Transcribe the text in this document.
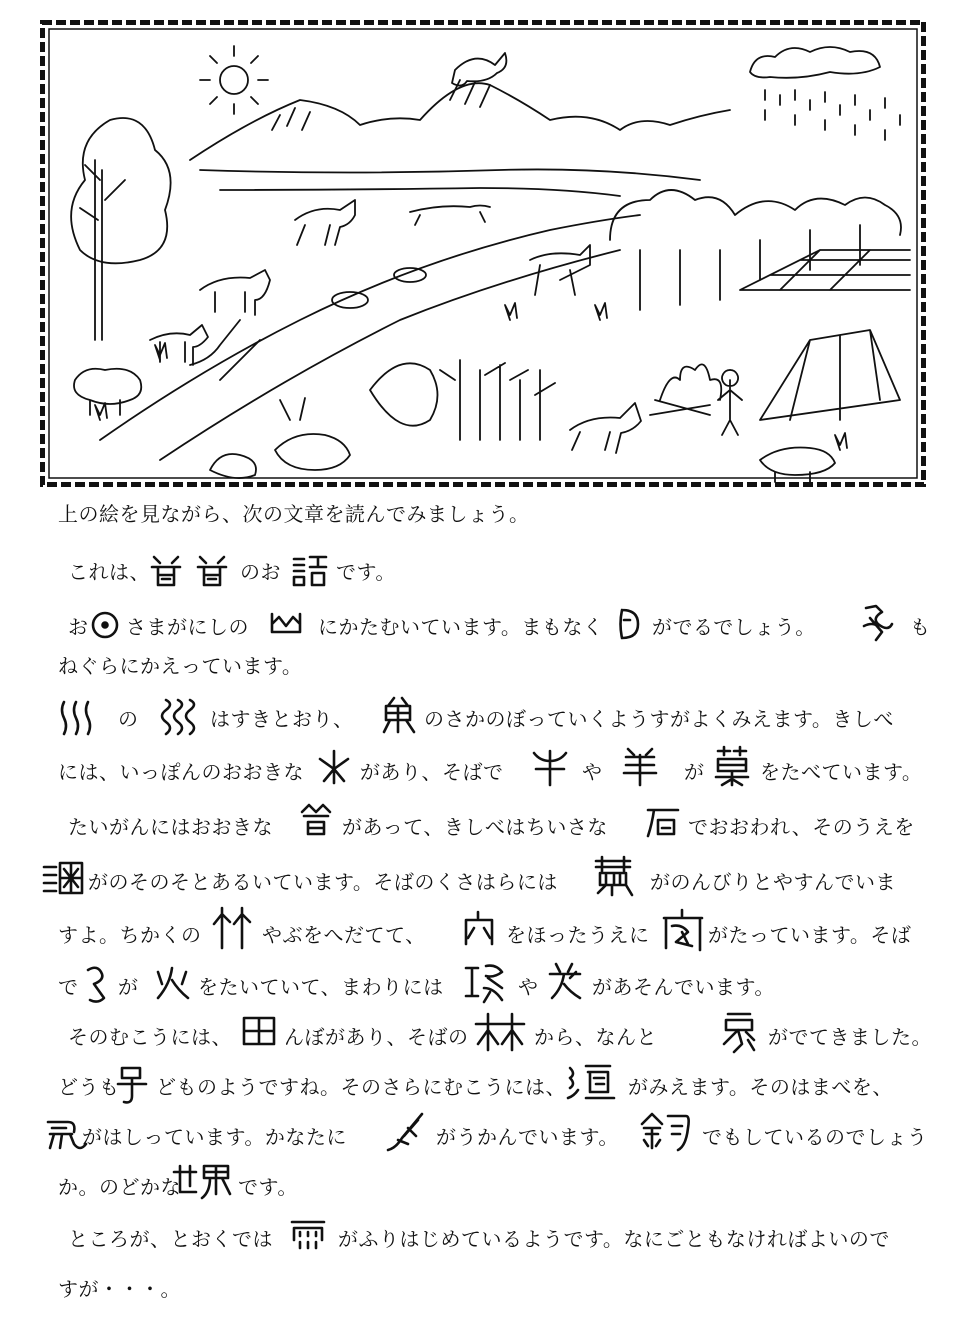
上の絵を見ながら、次の文章を読んでみましょう。
これは、	のお	です。
お さまがにしの	にかたむいています。まもなく がでるでしょう。	も
ねぐらにかえっています。
の	はすきとおり、	のさかのぼっていくようすがよくみえます。きしべ
には、いっぽんのおおきな	があり、そばで	や	が	をたべています。
たいがんにはおおきな	があって、きしべはちいさな	でおおわれ、そのうえを
がのそのそとあるいています。そばのくさはらには	がのんびりとやすんでいま
すよ。ちかくの	やぶをへだてて、	をほったうえに	がたっています。そば
で が	をたいていて、まわりには	や	があそんでいます。
そのむこうには、	んぼがあり、そばの	から、なんと	がでてきました。
どうも どものようですね。そのさらにむこうには、	がみえます。そのはまべを、
がはしっています。かなたに	がうかんでいます。	でもしているのでしょう
か。のどかな	です。
ところが、とおくでは	がふりはじめているようです。なにごともなければよいので
すが・・・。
